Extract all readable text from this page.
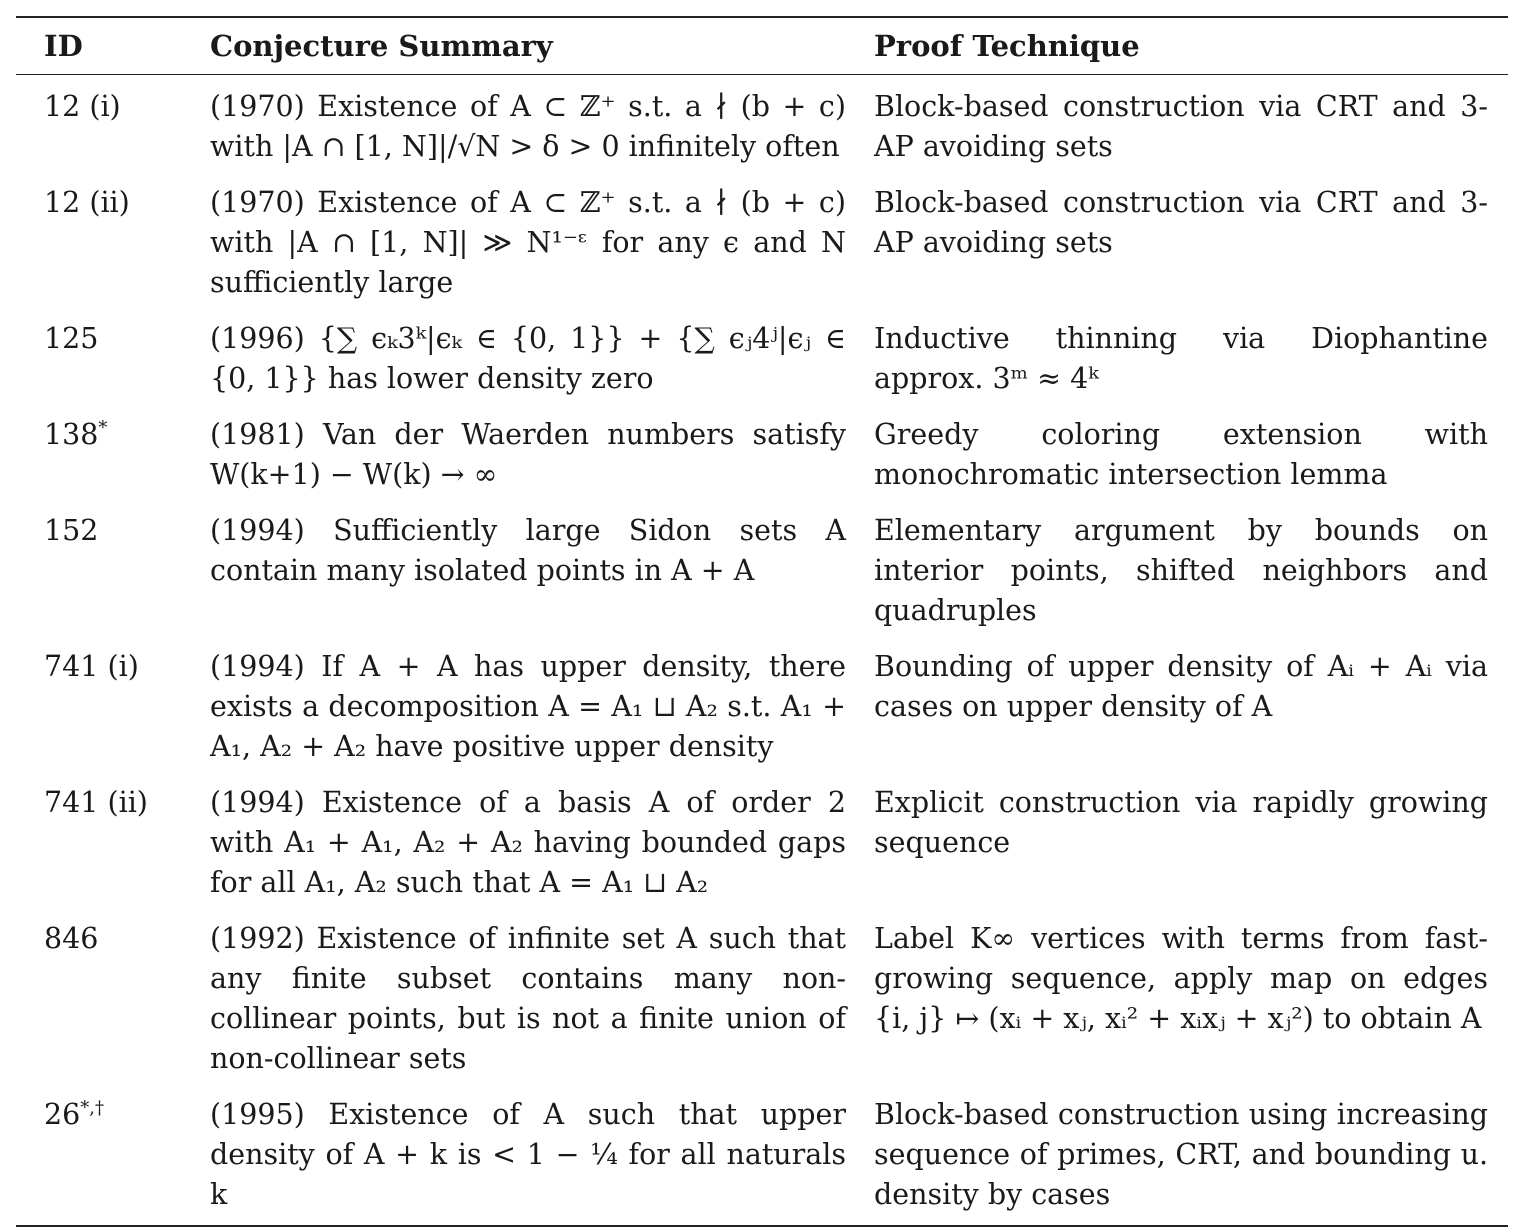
ID	Conjecture Summary	Proof Technique
12 (i)	(1970) Existence of A ⊂ ℤ⁺ s.t. a ∤ (b + c) with |A ∩ [1, N]|/√N > δ > 0 infinitely often	Block-based construction via CRT and 3-AP avoiding sets
12 (ii)	(1970) Existence of A ⊂ ℤ⁺ s.t. a ∤ (b + c) with |A ∩ [1, N]| ≫ N¹⁻ᵋ for any ϵ and N sufficiently large	Block-based construction via CRT and 3-AP avoiding sets
125	(1996) {∑ ϵₖ3ᵏ|ϵₖ ∈ {0, 1}} + {∑ ϵⱼ4ʲ|ϵⱼ ∈ {0, 1}} has lower density zero	Inductive thinning via Diophantine approx. 3ᵐ ≈ 4ᵏ
138*	(1981) Van der Waerden numbers satisfy W(k+1) − W(k) → ∞	Greedy coloring extension with monochromatic intersection lemma
152	(1994) Sufficiently large Sidon sets A contain many isolated points in A + A	Elementary argument by bounds on interior points, shifted neighbors and quadruples
741 (i)	(1994) If A + A has upper density, there exists a decomposition A = A₁ ⊔ A₂ s.t. A₁ + A₁, A₂ + A₂ have positive upper density	Bounding of upper density of Aᵢ + Aᵢ via cases on upper density of A
741 (ii)	(1994) Existence of a basis A of order 2 with A₁ + A₁, A₂ + A₂ having bounded gaps for all A₁, A₂ such that A = A₁ ⊔ A₂	Explicit construction via rapidly growing sequence
846	(1992) Existence of infinite set A such that any finite subset contains many non-collinear points, but is not a finite union of non-collinear sets	Label K∞ vertices with terms from fast-growing sequence, apply map on edges {i, j} ↦ (xᵢ + xⱼ, xᵢ² + xᵢxⱼ + xⱼ²) to obtain A
26*,†	(1995) Existence of A such that upper density of A + k is < 1 − ¼ for all naturals k	Block-based construction using increasing sequence of primes, CRT, and bounding u. density by cases
